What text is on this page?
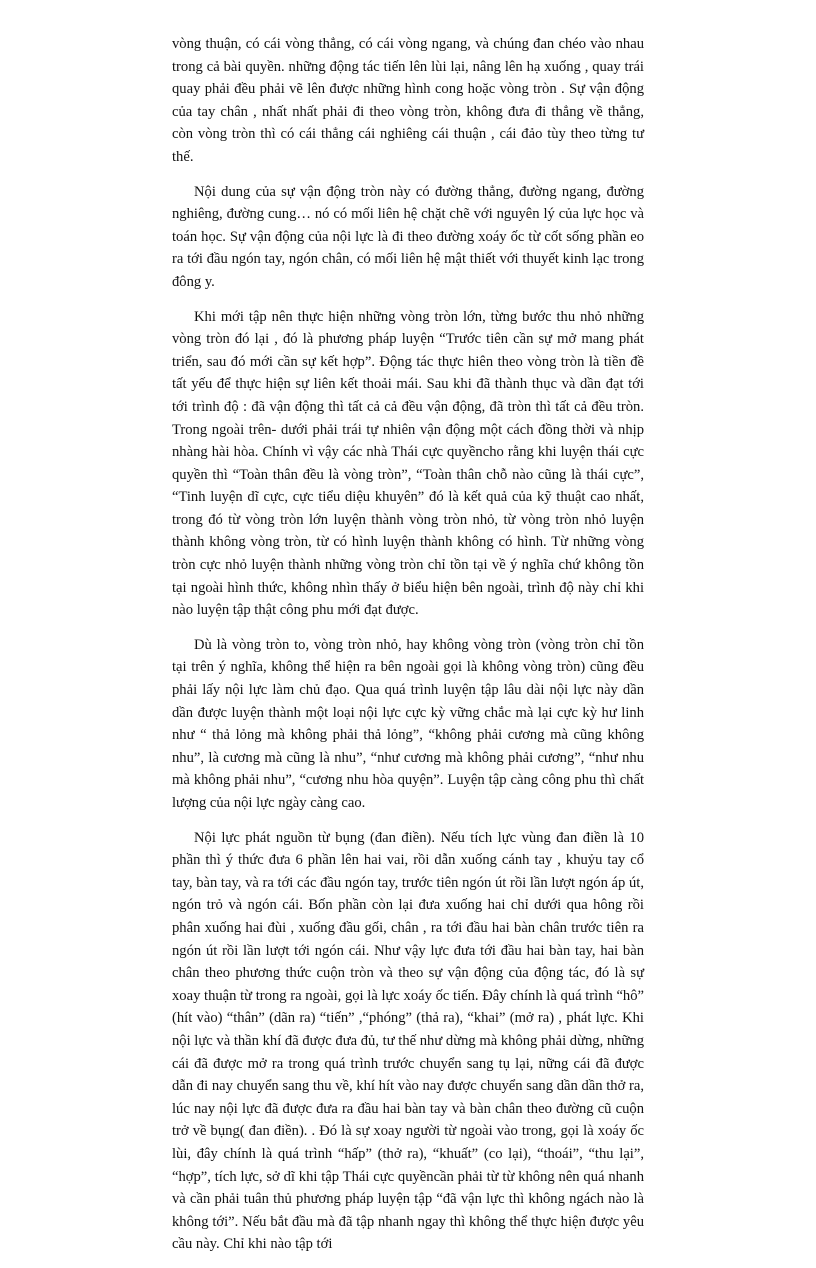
vòng thuận, có cái vòng thẳng, có cái vòng ngang, và chúng đan chéo vào nhau trong cả bài quyền. những động tác tiến lên lùi lại, nâng lên hạ xuống , quay trái quay phải đều phải vẽ lên được những hình cong hoặc vòng tròn . Sự vận động của tay chân , nhất nhất phải đi theo vòng tròn, không đưa đi thẳng về thẳng, còn vòng tròn thì có cái thẳng cái nghiêng cái thuận , cái đảo tùy theo từng tư thế.

Nội dung của sự vận động tròn này có đường thẳng, đường ngang, đường nghiêng, đường cung… nó có mối liên hệ chặt chẽ với nguyên lý của lực học và toán học. Sự vận động của nội lực là đi theo đường xoáy ốc từ cốt sống phần eo ra tới đầu ngón tay, ngón chân, có mối liên hệ mật thiết với thuyết kinh lạc trong đông y.

Khi mới tập nên thực hiện những vòng tròn lớn, từng bước thu nhỏ những vòng tròn đó lại , đó là phương pháp luyện “Trước tiên cần sự mở mang phát triển, sau đó mới cần sự kết hợp”. Động tác thực hiên theo vòng tròn là tiền đề tất yếu để thực hiện sự liên kết thoải mái. Sau khi đã thành thục và dần đạt tới tới trình độ : đã vận động thì tất cả cả đều vận động, đã tròn thì tất cả đều tròn. Trong ngoài trên- dưới phải trái tự nhiên vận động một cách đồng thời và nhịp nhàng hài hòa. Chính vì vậy các nhà Thái cực quyềncho rằng khi luyện thái cực quyền thì “Toàn thân đều là vòng tròn”, “Toàn thân chỗ nào cũng là thái cực”, “Tinh luyện dĩ cực, cực tiểu diệu khuyên” đó là kết quả của kỹ thuật cao nhất, trong đó từ vòng tròn lớn luyện thành vòng tròn nhỏ, từ vòng tròn nhỏ luyện thành không vòng tròn, từ có hình luyện thành không có hình. Từ những vòng tròn cực nhỏ luyện thành những vòng tròn chỉ tồn tại về ý nghĩa chứ không tồn tại ngoài hình thức, không nhìn thấy ở biểu hiện bên ngoài, trình độ này chỉ khi nào luyện tập thật công phu mới đạt được.

Dù là vòng tròn to, vòng tròn nhỏ, hay không vòng tròn (vòng tròn chỉ tồn tại trên ý nghĩa, không thể hiện ra bên ngoài gọi là không vòng tròn) cũng đều phải lấy nội lực làm chủ đạo. Qua quá trình luyện tập lâu dài nội lực này dần dần được luyện thành một loại nội lực cực kỳ vững chắc mà lại cực kỳ hư linh như “ thả lỏng mà không phải thả lỏng”, “không phải cương mà cũng không nhu”, là cương mà cũng là nhu”, “như cương mà không phải cương”, “như nhu mà không phải nhu”, “cương nhu hòa quyện”. Luyện tập càng công phu thì chất lượng của nội lực ngày càng cao.

Nội lực phát nguồn từ bụng (đan điền). Nếu tích lực vùng đan điền là 10 phần thì ý thức đưa 6 phần lên hai vai, rồi dẫn xuống cánh tay , khuỷu tay cổ tay, bàn tay, và ra tới các đầu ngón tay, trước tiên ngón út rồi lần lượt ngón áp út, ngón trỏ và ngón cái. Bốn phần còn lại đưa xuống hai chỉ dưới qua hông rồi phân xuống hai đùi , xuống đầu gối, chân , ra tới đầu hai bàn chân trước tiên ra ngón út rồi lần lượt tới ngón cái. Như vậy lực đưa tới đầu hai bàn tay, hai bàn chân theo phương thức cuộn tròn và theo sự vận động của động tác, đó là sự xoay thuận từ trong ra ngoài, gọi là lực xoáy ốc tiến. Đây chính là quá trình “hô” (hít vào) “thân” (dãn ra) “tiến” ,“phóng” (thả ra), “khai” (mở ra) , phát lực. Khi nội lực và thần khí đã được đưa đủ, tư thế như dừng mà không phải dừng, những cái đã được mở ra trong quá trình trước chuyển sang tụ lại, nững cái đã được dẫn đi nay chuyển sang thu về, khí hít vào nay được chuyển sang dần dần thở ra, lúc nay nội lực đã được đưa ra đầu hai bàn tay và bàn chân theo đường cũ cuộn trở về bụng( đan điền). . Đó là sự xoay người từ ngoài vào trong, gọi là xoáy ốc lùi, đây chính là quá trình “hấp” (thở ra), “khuất” (co lại), “thoái”, “thu lại”, “hợp”, tích lực, sở dĩ khi tập Thái cực quyềncần phải từ từ không nên quá nhanh và cần phải tuân thủ phương pháp luyện tập “đã vận lực thì không ngách nào là không tới”. Nếu bắt đầu mà đã tập nhanh ngay thì không thể thực hiện được yêu cầu này. Chỉ khi nào tập tới
